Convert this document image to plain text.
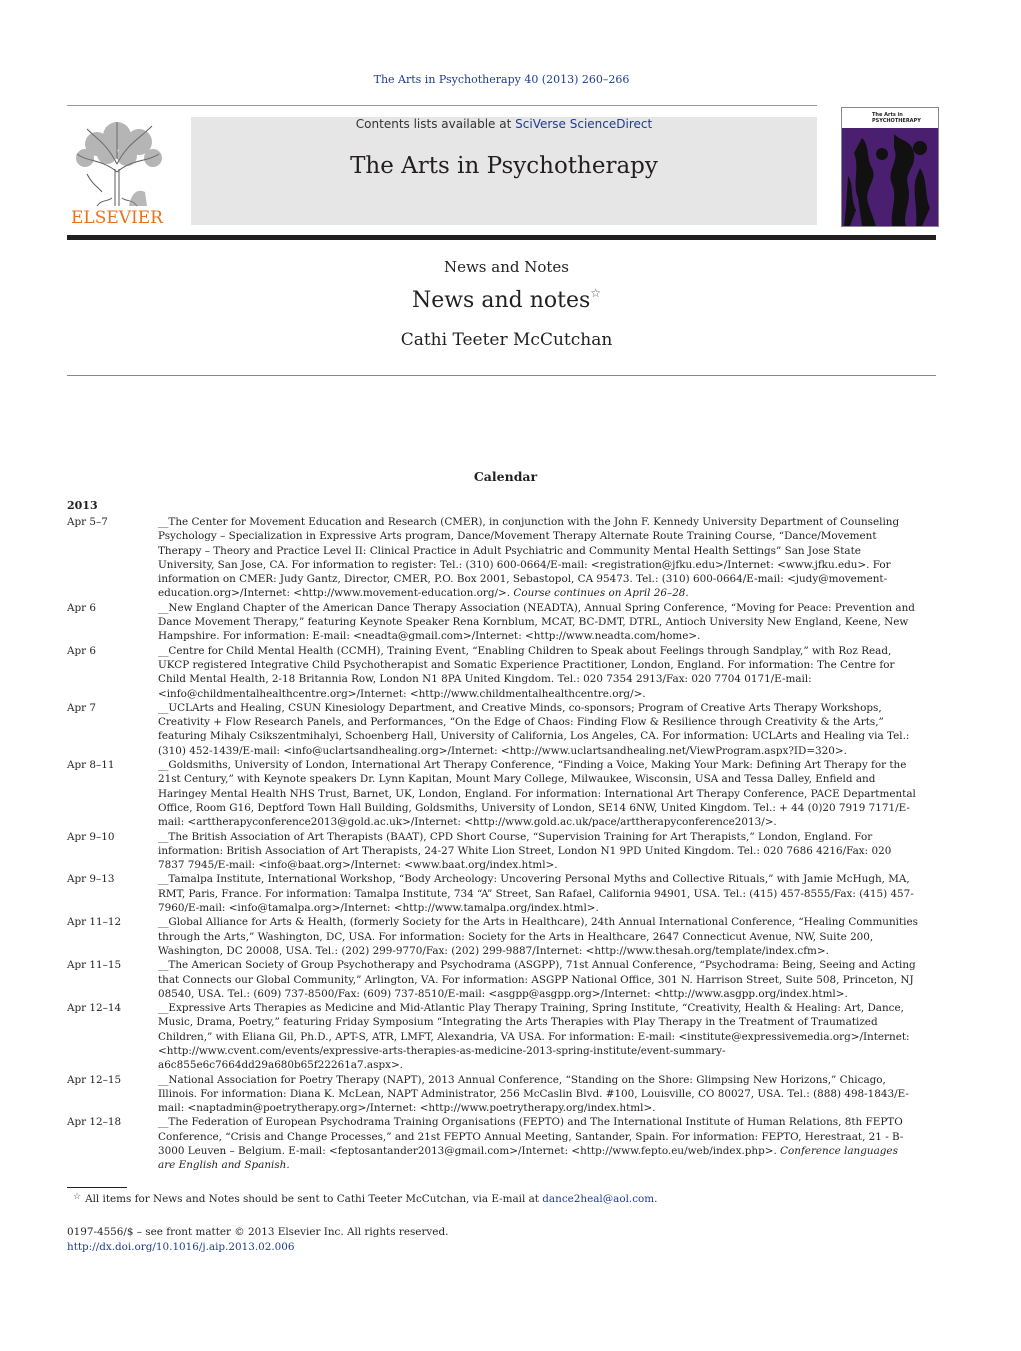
The Arts in Psychotherapy 40 (2013) 260–266
ELSEVIER
Contents lists available at SciVerse ScienceDirect
The Arts in Psychotherapy
The Arts in PSYCHOTHERAPY
News and Notes
News and notes☆
Cathi Teeter McCutchan
Calendar
2013
Apr 5–7	__The Center for Movement Education and Research (CMER), in conjunction with the John F. Kennedy University Department of Counseling Psychology – Specialization in Expressive Arts program, Dance/Movement Therapy Alternate Route Training Course, “Dance/Movement Therapy – Theory and Practice Level II: Clinical Practice in Adult Psychiatric and Community Mental Health Settings” San Jose State University, San Jose, CA. For information to register: Tel.: (310) 600-0664/E-mail: <registration@jfku.edu>/Internet: <www.jfku.edu>. For information on CMER: Judy Gantz, Director, CMER, P.O. Box 2001, Sebastopol, CA 95473. Tel.: (310) 600-0664/E-mail: <judy@movement-education.org>/Internet: <http://www.movement-education.org/>. Course continues on April 26–28.
Apr 6	__New England Chapter of the American Dance Therapy Association (NEADTA), Annual Spring Conference, “Moving for Peace: Prevention and Dance Movement Therapy,” featuring Keynote Speaker Rena Kornblum, MCAT, BC-DMT, DTRL, Antioch University New England, Keene, New Hampshire. For information: E-mail: <neadta@gmail.com>/Internet: <http://www.neadta.com/home>.
Apr 6	__Centre for Child Mental Health (CCMH), Training Event, “Enabling Children to Speak about Feelings through Sandplay,” with Roz Read, UKCP registered Integrative Child Psychotherapist and Somatic Experience Practitioner, London, England. For information: The Centre for Child Mental Health, 2-18 Britannia Row, London N1 8PA United Kingdom. Tel.: 020 7354 2913/Fax: 020 7704 0171/E-mail: <info@childmentalhealthcentre.org>/Internet: <http://www.childmentalhealthcentre.org/>.
Apr 7	__UCLArts and Healing, CSUN Kinesiology Department, and Creative Minds, co-sponsors; Program of Creative Arts Therapy Workshops, Creativity + Flow Research Panels, and Performances, “On the Edge of Chaos: Finding Flow & Resilience through Creativity & the Arts,” featuring Mihaly Csikszentmihalyi, Schoenberg Hall, University of California, Los Angeles, CA. For information: UCLArts and Healing via Tel.: (310) 452-1439/E-mail: <info@uclartsandhealing.org>/Internet: <http://www.uclartsandhealing.net/ViewProgram.aspx?ID=320>.
Apr 8–11	__Goldsmiths, University of London, International Art Therapy Conference, “Finding a Voice, Making Your Mark: Defining Art Therapy for the 21st Century,” with Keynote speakers Dr. Lynn Kapitan, Mount Mary College, Milwaukee, Wisconsin, USA and Tessa Dalley, Enfield and Haringey Mental Health NHS Trust, Barnet, UK, London, England. For information: International Art Therapy Conference, PACE Departmental Office, Room G16, Deptford Town Hall Building, Goldsmiths, University of London, SE14 6NW, United Kingdom. Tel.: + 44 (0)20 7919 7171/E-mail: <arttherapyconference2013@gold.ac.uk>/Internet: <http://www.gold.ac.uk/pace/arttherapyconference2013/>.
Apr 9–10	__The British Association of Art Therapists (BAAT), CPD Short Course, “Supervision Training for Art Therapists,” London, England. For information: British Association of Art Therapists, 24-27 White Lion Street, London N1 9PD United Kingdom. Tel.: 020 7686 4216/Fax: 020 7837 7945/E-mail: <info@baat.org>/Internet: <www.baat.org/index.html>.
Apr 9–13	__Tamalpa Institute, International Workshop, “Body Archeology: Uncovering Personal Myths and Collective Rituals,” with Jamie McHugh, MA, RMT, Paris, France. For information: Tamalpa Institute, 734 “A” Street, San Rafael, California 94901, USA. Tel.: (415) 457-8555/Fax: (415) 457-7960/E-mail: <info@tamalpa.org>/Internet: <http://www.tamalpa.org/index.html>.
Apr 11–12	__Global Alliance for Arts & Health, (formerly Society for the Arts in Healthcare), 24th Annual International Conference, “Healing Communities through the Arts,” Washington, DC, USA. For information: Society for the Arts in Healthcare, 2647 Connecticut Avenue, NW, Suite 200, Washington, DC 20008, USA. Tel.: (202) 299-9770/Fax: (202) 299-9887/Internet: <http://www.thesah.org/template/index.cfm>.
Apr 11–15	__The American Society of Group Psychotherapy and Psychodrama (ASGPP), 71st Annual Conference, “Psychodrama: Being, Seeing and Acting that Connects our Global Community,” Arlington, VA. For information: ASGPP National Office, 301 N. Harrison Street, Suite 508, Princeton, NJ 08540, USA. Tel.: (609) 737-8500/Fax: (609) 737-8510/E-mail: <asgpp@asgpp.org>/Internet: <http://www.asgpp.org/index.html>.
Apr 12–14	__Expressive Arts Therapies as Medicine and Mid-Atlantic Play Therapy Training, Spring Institute, “Creativity, Health & Healing: Art, Dance, Music, Drama, Poetry,” featuring Friday Symposium “Integrating the Arts Therapies with Play Therapy in the Treatment of Traumatized Children,” with Eliana Gil, Ph.D., APT-S, ATR, LMFT, Alexandria, VA USA. For information: E-mail: <institute@expressivemedia.org>/Internet: <http://www.cvent.com/events/expressive-arts-therapies-as-medicine-2013-spring-institute/event-summary-a6c855e6c7664dd29a680b65f22261a7.aspx>.
Apr 12–15	__National Association for Poetry Therapy (NAPT), 2013 Annual Conference, “Standing on the Shore: Glimpsing New Horizons,” Chicago, Illinois. For information: Diana K. McLean, NAPT Administrator, 256 McCaslin Blvd. #100, Louisville, CO 80027, USA. Tel.: (888) 498-1843/E-mail: <naptadmin@poetrytherapy.org>/Internet: <http://www.poetrytherapy.org/index.html>.
Apr 12–18	__The Federation of European Psychodrama Training Organisations (FEPTO) and The International Institute of Human Relations, 8th FEPTO Conference, “Crisis and Change Processes,” and 21st FEPTO Annual Meeting, Santander, Spain. For information: FEPTO, Herestraat, 21 - B-3000 Leuven – Belgium. E-mail: <feptosantander2013@gmail.com>/Internet: <http://www.fepto.eu/web/index.php>. Conference languages are English and Spanish.
☆ All items for News and Notes should be sent to Cathi Teeter McCutchan, via E-mail at dance2heal@aol.com.
0197-4556/$ – see front matter © 2013 Elsevier Inc. All rights reserved.
http://dx.doi.org/10.1016/j.aip.2013.02.006
